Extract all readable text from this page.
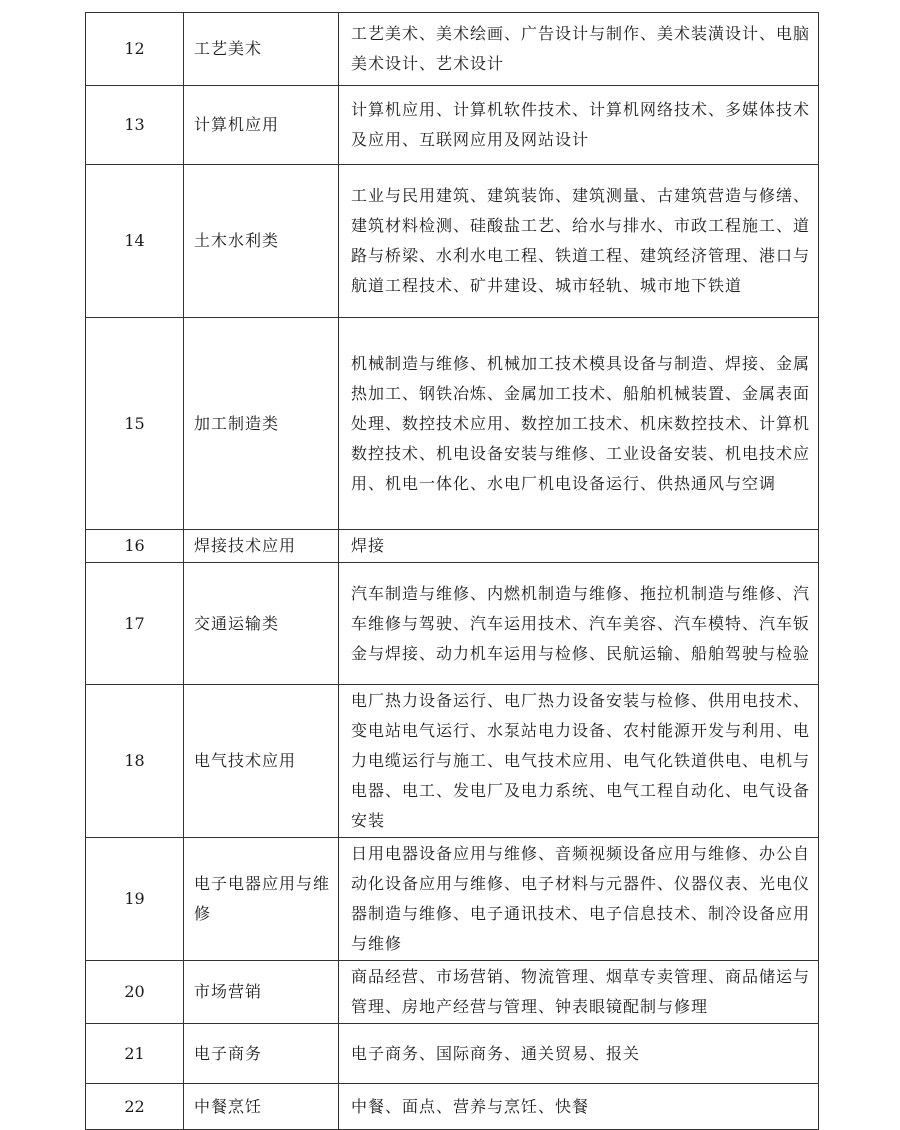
12	工艺美术	工艺美术、美术绘画、广告设计与制作、美术装潢设计、电脑美术设计、艺术设计
13	计算机应用	计算机应用、计算机软件技术、计算机网络技术、多媒体技术及应用、互联网应用及网站设计
14	土木水利类	工业与民用建筑、建筑装饰、建筑测量、古建筑营造与修缮、建筑材料检测、硅酸盐工艺、给水与排水、市政工程施工、道路与桥梁、水利水电工程、铁道工程、建筑经济管理、港口与航道工程技术、矿井建设、城市轻轨、城市地下铁道
15	加工制造类	机械制造与维修、机械加工技术模具设备与制造、焊接、金属热加工、钢铁冶炼、金属加工技术、船舶机械装置、金属表面处理、数控技术应用、数控加工技术、机床数控技术、计算机数控技术、机电设备安装与维修、工业设备安装、机电技术应用、机电一体化、水电厂机电设备运行、供热通风与空调
16	焊接技术应用	焊接
17	交通运输类	汽车制造与维修、内燃机制造与维修、拖拉机制造与维修、汽车维修与驾驶、汽车运用技术、汽车美容、汽车模特、汽车钣金与焊接、动力机车运用与检修、民航运输、船舶驾驶与检验
18	电气技术应用	电厂热力设备运行、电厂热力设备安装与检修、供用电技术、变电站电气运行、水泵站电力设备、农村能源开发与利用、电力电缆运行与施工、电气技术应用、电气化铁道供电、电机与电器、电工、发电厂及电力系统、电气工程自动化、电气设备安装
19	电子电器应用与维修	日用电器设备应用与维修、音频视频设备应用与维修、办公自动化设备应用与维修、电子材料与元器件、仪器仪表、光电仪器制造与维修、电子通讯技术、电子信息技术、制冷设备应用与维修
20	市场营销	商品经营、市场营销、物流管理、烟草专卖管理、商品储运与管理、房地产经营与管理、钟表眼镜配制与修理
21	电子商务	电子商务、国际商务、通关贸易、报关
22	中餐烹饪	中餐、面点、营养与烹饪、快餐
